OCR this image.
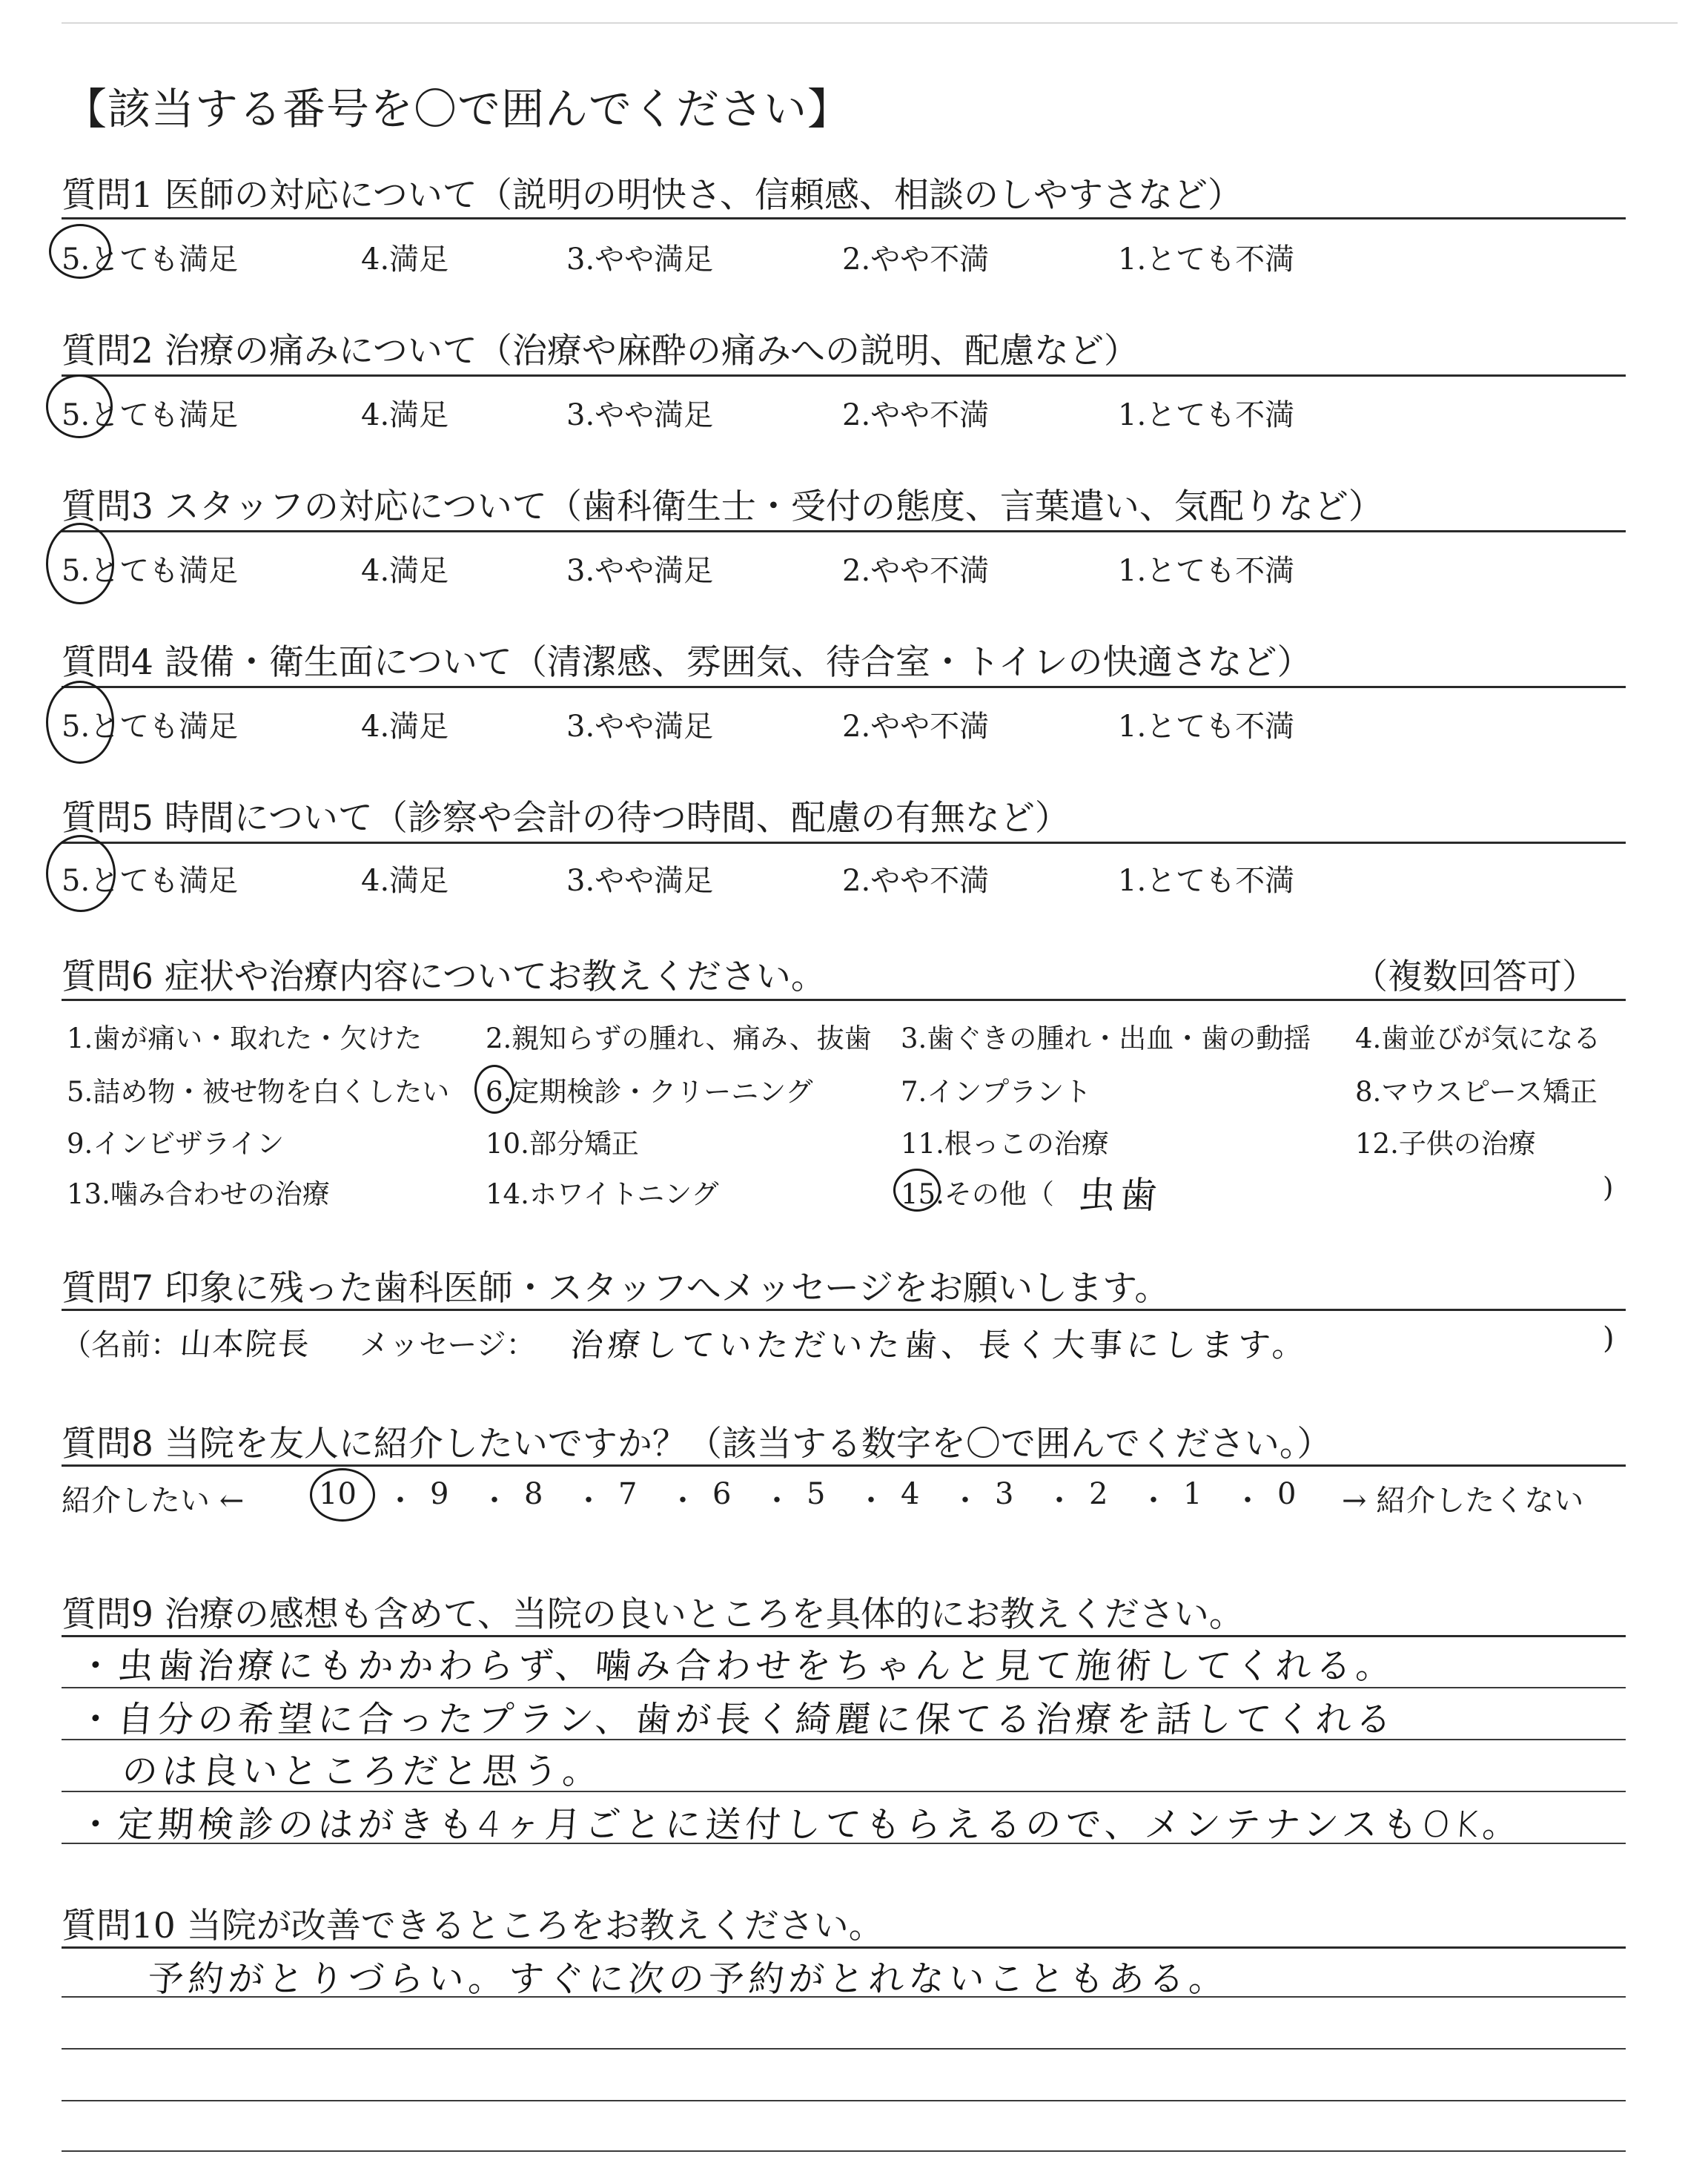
【該当する番号を〇で囲んでください】
質問1 医師の対応について（説明の明快さ、信頼感、相談のしやすさなど）
5.とても満足	4.満足	3.やや満足	2.やや不満	1.とても不満
質問2 治療の痛みについて（治療や麻酔の痛みへの説明、配慮など）
5.とても満足	4.満足	3.やや満足	2.やや不満	1.とても不満
質問3 スタッフの対応について（歯科衛生士・受付の態度、言葉遣い、気配りなど）
5.とても満足	4.満足	3.やや満足	2.やや不満	1.とても不満
質問4 設備・衛生面について（清潔感、雰囲気、待合室・トイレの快適さなど）
5.とても満足	4.満足	3.やや満足	2.やや不満	1.とても不満
質問5 時間について（診察や会計の待つ時間、配慮の有無など）
5.とても満足	4.満足	3.やや満足	2.やや不満	1.とても不満
質問6 症状や治療内容についてお教えください。	（複数回答可）
1.歯が痛い・取れた・欠けた 2.親知らずの腫れ、痛み、抜歯 3.歯ぐきの腫れ・出血・歯の動揺 4.歯並びが気になる
5.詰め物・被せ物を白くしたい 6.定期検診・クリーニング	7.インプラント	8.マウスピース矯正
9.インビザライン	10.部分矯正	11.根っこの治療	12.子供の治療
13.噛み合わせの治療	14.ホワイトニング	15.その他（ 虫歯	)
質問7 印象に残った歯科医師・スタッフへメッセージをお願いします。
（名前：
山本院長 メッセージ： 治療していただいた歯、長く大事にします。	)
質問8 当院を友人に紹介したいですか？（該当する数字を〇で囲んでください。）
紹介したい ←	10 9	8	7	6	5	4	3	2	1	0
・ ・ ・ ・ ・ ・ ・ ・ ・ ・	→ 紹介したくない
質問9 治療の感想も含めて、当院の良いところを具体的にお教えください。
・虫歯治療にもかかわらず、噛み合わせをちゃんと見て施術してくれる。
・自分の希望に合ったプラン、歯が長く綺麗に保てる治療を話してくれる
のは良いところだと思う。
・定期検診のはがきも4ヶ月ごとに送付してもらえるので、メンテナンスもOK。
質問10 当院が改善できるところをお教えください。
予約がとりづらい。すぐに次の予約がとれないこともある。
